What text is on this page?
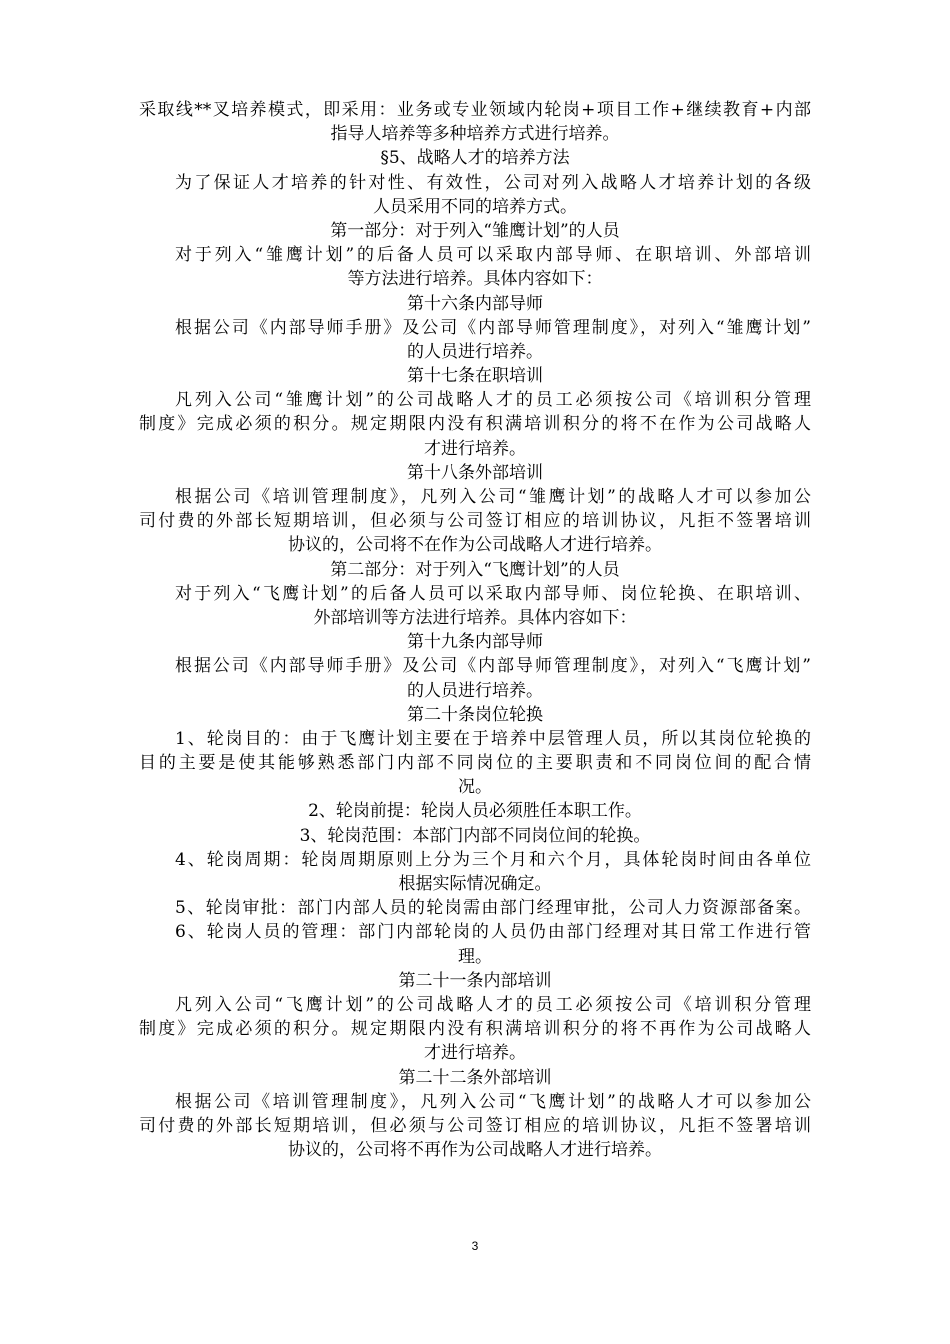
采取线**叉培养模式，即采用：业务或专业领域内轮岗+项目工作+继续教育+内部
指导人培养等多种培养方式进行培养。
§5、战略人才的培养方法
为了保证人才培养的针对性、有效性，公司对列入战略人才培养计划的各级
人员采用不同的培养方式。
第一部分：对于列入“雏鹰计划”的人员
对于列入“雏鹰计划”的后备人员可以采取内部导师、在职培训、外部培训
等方法进行培养。具体内容如下：
第十六条内部导师
根据公司《内部导师手册》及公司《内部导师管理制度》，对列入“雏鹰计划”
的人员进行培养。
第十七条在职培训
凡列入公司“雏鹰计划”的公司战略人才的员工必须按公司《培训积分管理
制度》完成必须的积分。规定期限内没有积满培训积分的将不在作为公司战略人
才进行培养。
第十八条外部培训
根据公司《培训管理制度》，凡列入公司“雏鹰计划”的战略人才可以参加公
司付费的外部长短期培训，但必须与公司签订相应的培训协议，凡拒不签署培训
协议的，公司将不在作为公司战略人才进行培养。
第二部分：对于列入“飞鹰计划”的人员
对于列入“飞鹰计划”的后备人员可以采取内部导师、岗位轮换、在职培训、
外部培训等方法进行培养。具体内容如下：
第十九条内部导师
根据公司《内部导师手册》及公司《内部导师管理制度》，对列入“飞鹰计划”
的人员进行培养。
第二十条岗位轮换
1、轮岗目的：由于飞鹰计划主要在于培养中层管理人员，所以其岗位轮换的
目的主要是使其能够熟悉部门内部不同岗位的主要职责和不同岗位间的配合情
况。
2、轮岗前提：轮岗人员必须胜任本职工作。
3、轮岗范围：本部门内部不同岗位间的轮换。
4、轮岗周期：轮岗周期原则上分为三个月和六个月，具体轮岗时间由各单位
根据实际情况确定。
5、轮岗审批：部门内部人员的轮岗需由部门经理审批，公司人力资源部备案。
6、轮岗人员的管理：部门内部轮岗的人员仍由部门经理对其日常工作进行管
理。
第二十一条内部培训
凡列入公司“飞鹰计划”的公司战略人才的员工必须按公司《培训积分管理
制度》完成必须的积分。规定期限内没有积满培训积分的将不再作为公司战略人
才进行培养。
第二十二条外部培训
根据公司《培训管理制度》，凡列入公司“飞鹰计划”的战略人才可以参加公
司付费的外部长短期培训，但必须与公司签订相应的培训协议，凡拒不签署培训
协议的，公司将不再作为公司战略人才进行培养。
3
